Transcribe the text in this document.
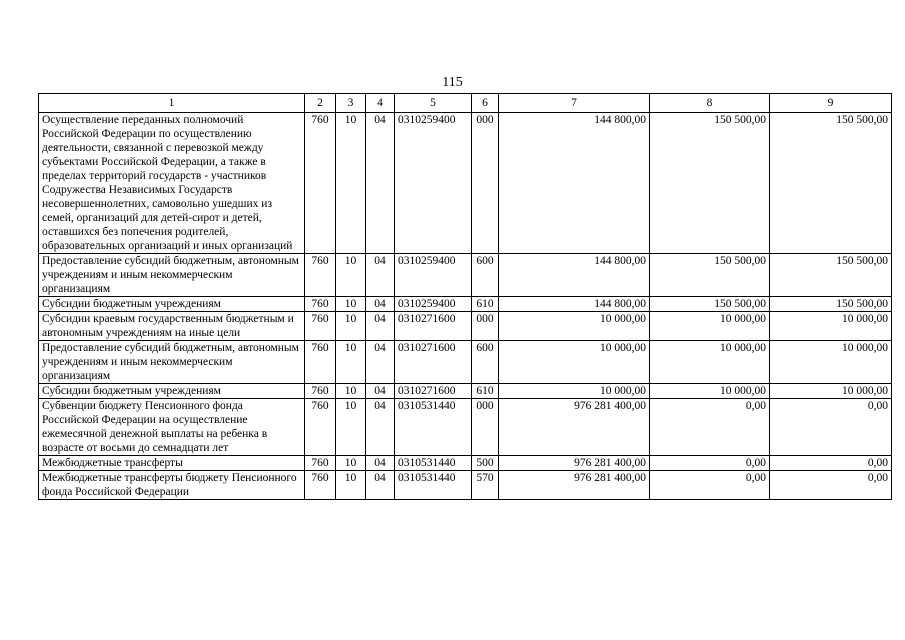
115
1	2	3	4	5	6	7	8	9
Осуществление переданных полномочий Российской Федерации по осуществлению деятельности, связанной с перевозкой между субъектами Российской Федерации, а также в пределах территорий государств - участников Содружества Независимых Государств несовершеннолетних, самовольно ушедших из семей, организаций для детей-сирот и детей, оставшихся без попечения родителей, образовательных организаций и иных организаций	760	10	04	0310259400	000	144 800,00	150 500,00	150 500,00
Предоставление субсидий бюджетным, автономным учреждениям и иным некоммерческим организациям	760	10	04	0310259400	600	144 800,00	150 500,00	150 500,00
Субсидии бюджетным учреждениям	760	10	04	0310259400	610	144 800,00	150 500,00	150 500,00
Субсидии краевым государственным бюджетным и автономным учреждениям на иные цели	760	10	04	0310271600	000	10 000,00	10 000,00	10 000,00
Предоставление субсидий бюджетным, автономным учреждениям и иным некоммерческим организациям	760	10	04	0310271600	600	10 000,00	10 000,00	10 000,00
Субсидии бюджетным учреждениям	760	10	04	0310271600	610	10 000,00	10 000,00	10 000,00
Субвенции бюджету Пенсионного фонда Российской Федерации на осуществление ежемесячной денежной выплаты на ребенка в возрасте от восьми до семнадцати лет	760	10	04	0310531440	000	976 281 400,00	0,00	0,00
Межбюджетные трансферты	760	10	04	0310531440	500	976 281 400,00	0,00	0,00
Межбюджетные трансферты бюджету Пенсионного фонда Российской Федерации	760	10	04	0310531440	570	976 281 400,00	0,00	0,00
